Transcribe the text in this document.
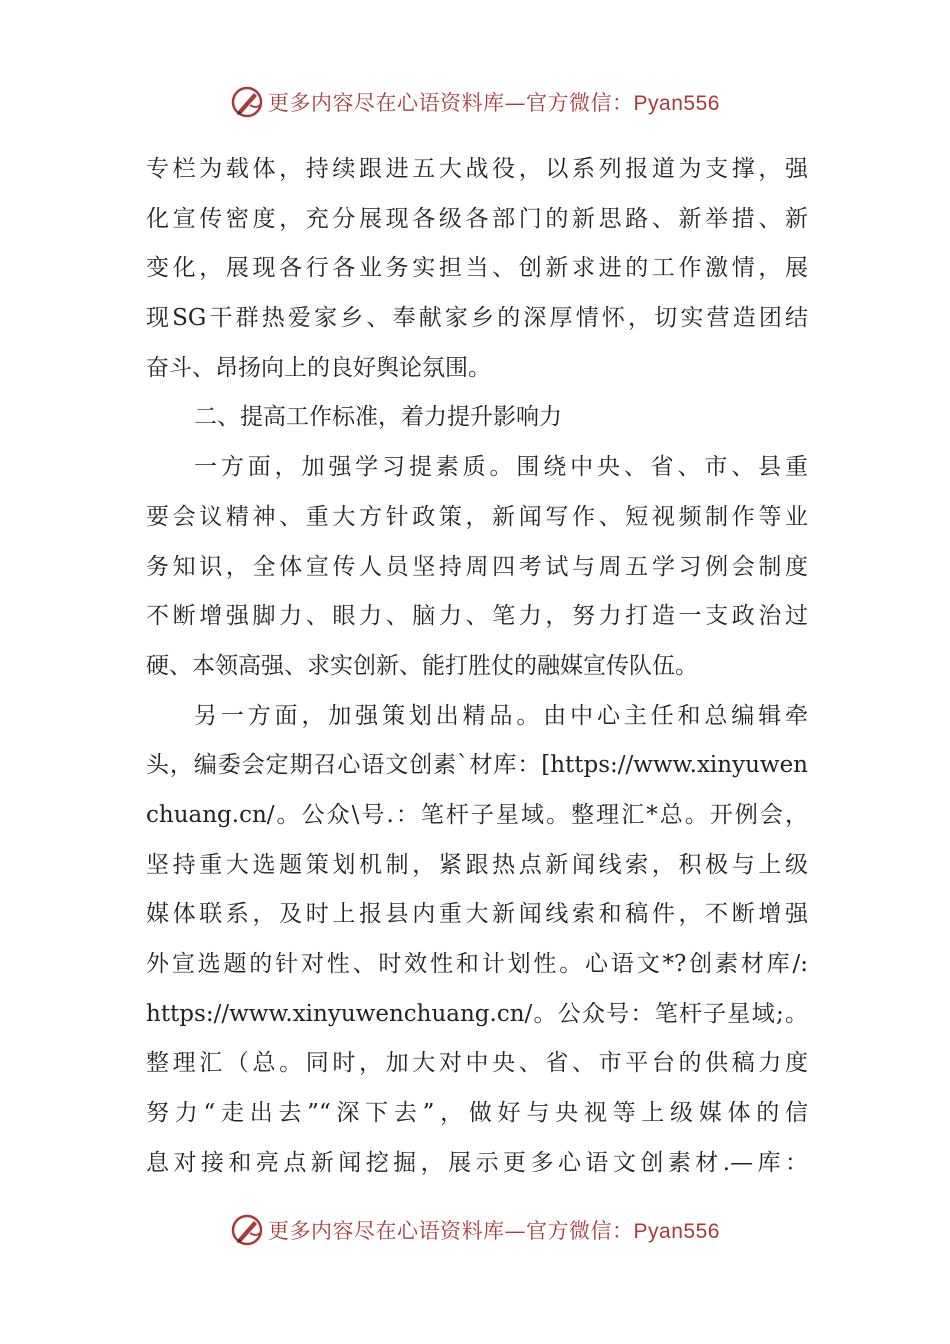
更多内容尽在心语资料库—官方微信：Pyan556
专栏为载体，持续跟进五大战役，以系列报道为支撑，强
化宣传密度，充分展现各级各部门的新思路、新举措、新
变化，展现各行各业务实担当、创新求进的工作激情，展
现SG干群热爱家乡、奉献家乡的深厚情怀，切实营造团结
奋斗、昂扬向上的良好舆论氛围。
二、提高工作标准，着力提升影响力
一方面，加强学习提素质。围绕中央、省、市、县重
要会议精神、重大方针政策，新闻写作、短视频制作等业
务知识，全体宣传人员坚持周四考试与周五学习例会制度
不断增强脚力、眼力、脑力、笔力，努力打造一支政治过
硬、本领高强、求实创新、能打胜仗的融媒宣传队伍。
另一方面，加强策划出精品。由中心主任和总编辑牵
头，编委会定期召心语文创素`材库：[https://www.xinyuwen
chuang.cn/。公众\号.：笔杆子星域。整理汇*总。开例会，
坚持重大选题策划机制，紧跟热点新闻线索，积极与上级
媒体联系，及时上报县内重大新闻线索和稿件，不断增强
外宣选题的针对性、时效性和计划性。心语文*?创素材库/:
https://www.xinyuwenchuang.cn/。公众号：笔杆子星域;。
整理汇（总。同时，加大对中央、省、市平台的供稿力度
努力“走出去”“深下去”，做好与央视等上级媒体的信
息对接和亮点新闻挖掘，展示更多心语文创素材.—库：
更多内容尽在心语资料库—官方微信：Pyan556
